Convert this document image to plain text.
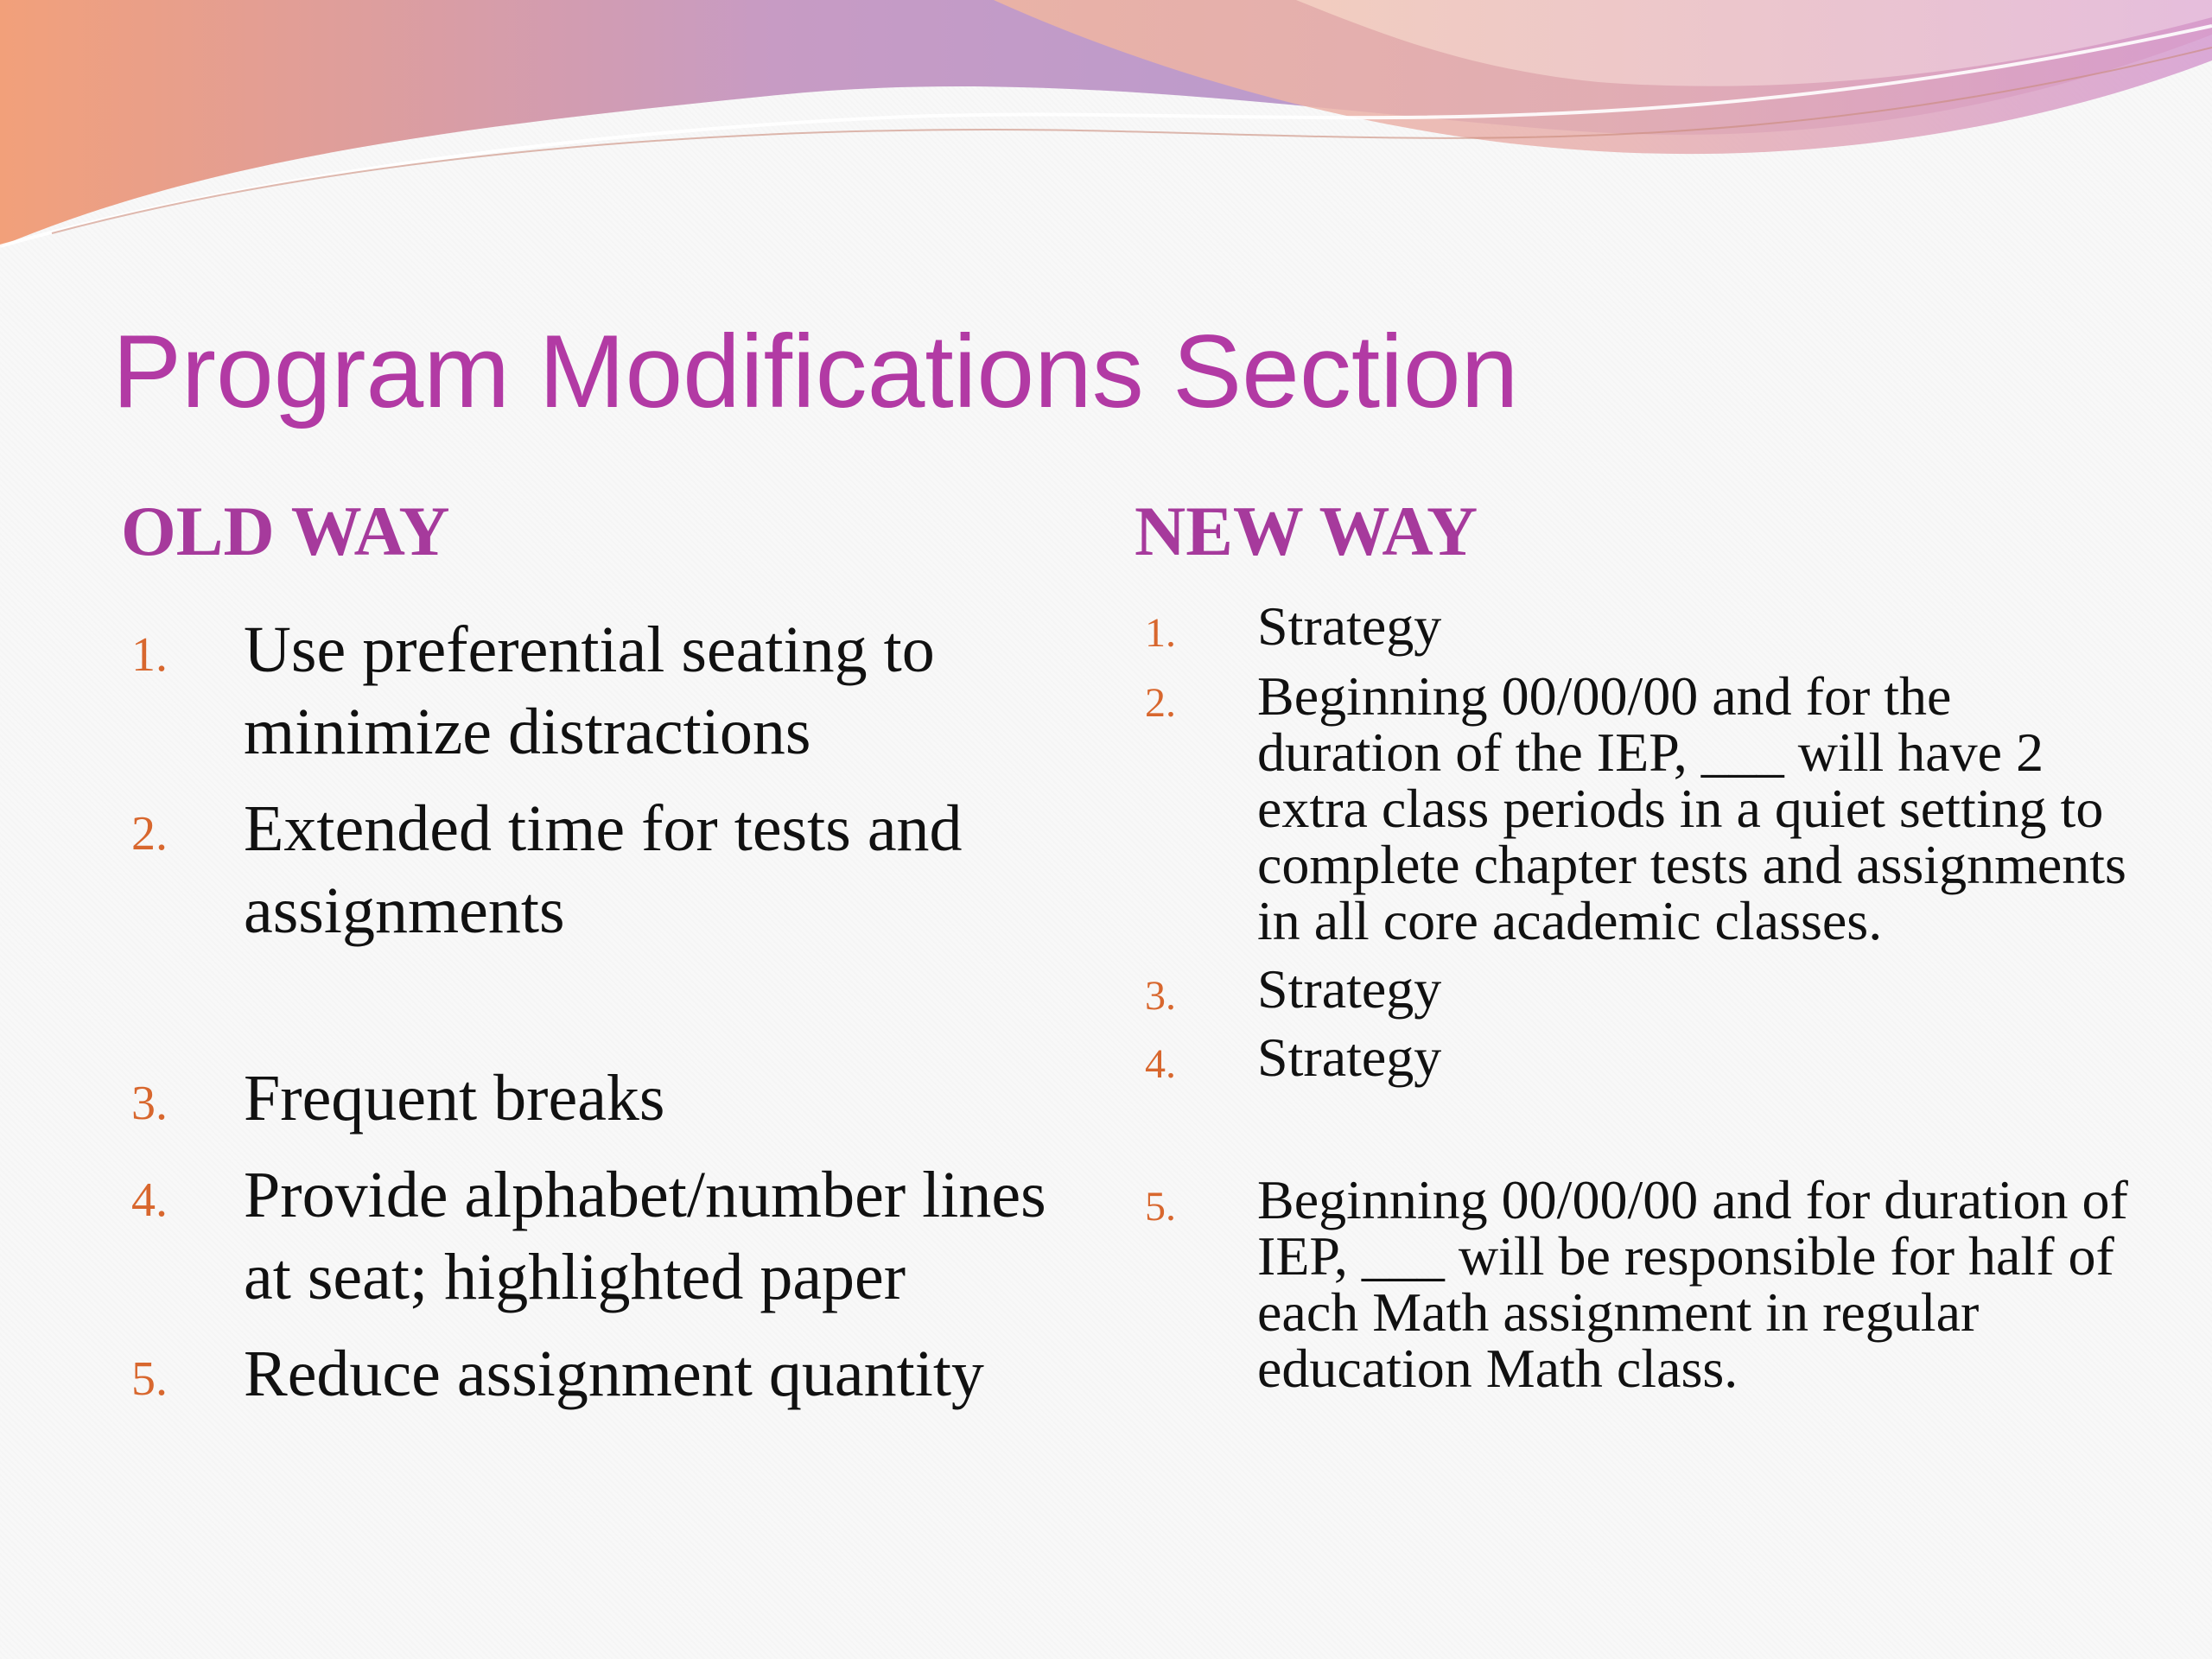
Program Modifications Section
OLD WAY	NEW WAY
1. Use preferential seating to minimize distractions
2. Extended time for tests and assignments
3. Frequent breaks
4. Provide alphabet/number lines at seat; highlighted paper
5. Reduce assignment quantity
1. Strategy
2. Beginning 00/00/00 and for the duration of the IEP, ___ will have 2 extra class periods in a quiet setting to complete chapter tests and assignments in all core academic classes.
3. Strategy
4. Strategy
5. Beginning 00/00/00 and for duration of IEP, ___ will be responsible for half of each Math assignment in regular education Math class.
